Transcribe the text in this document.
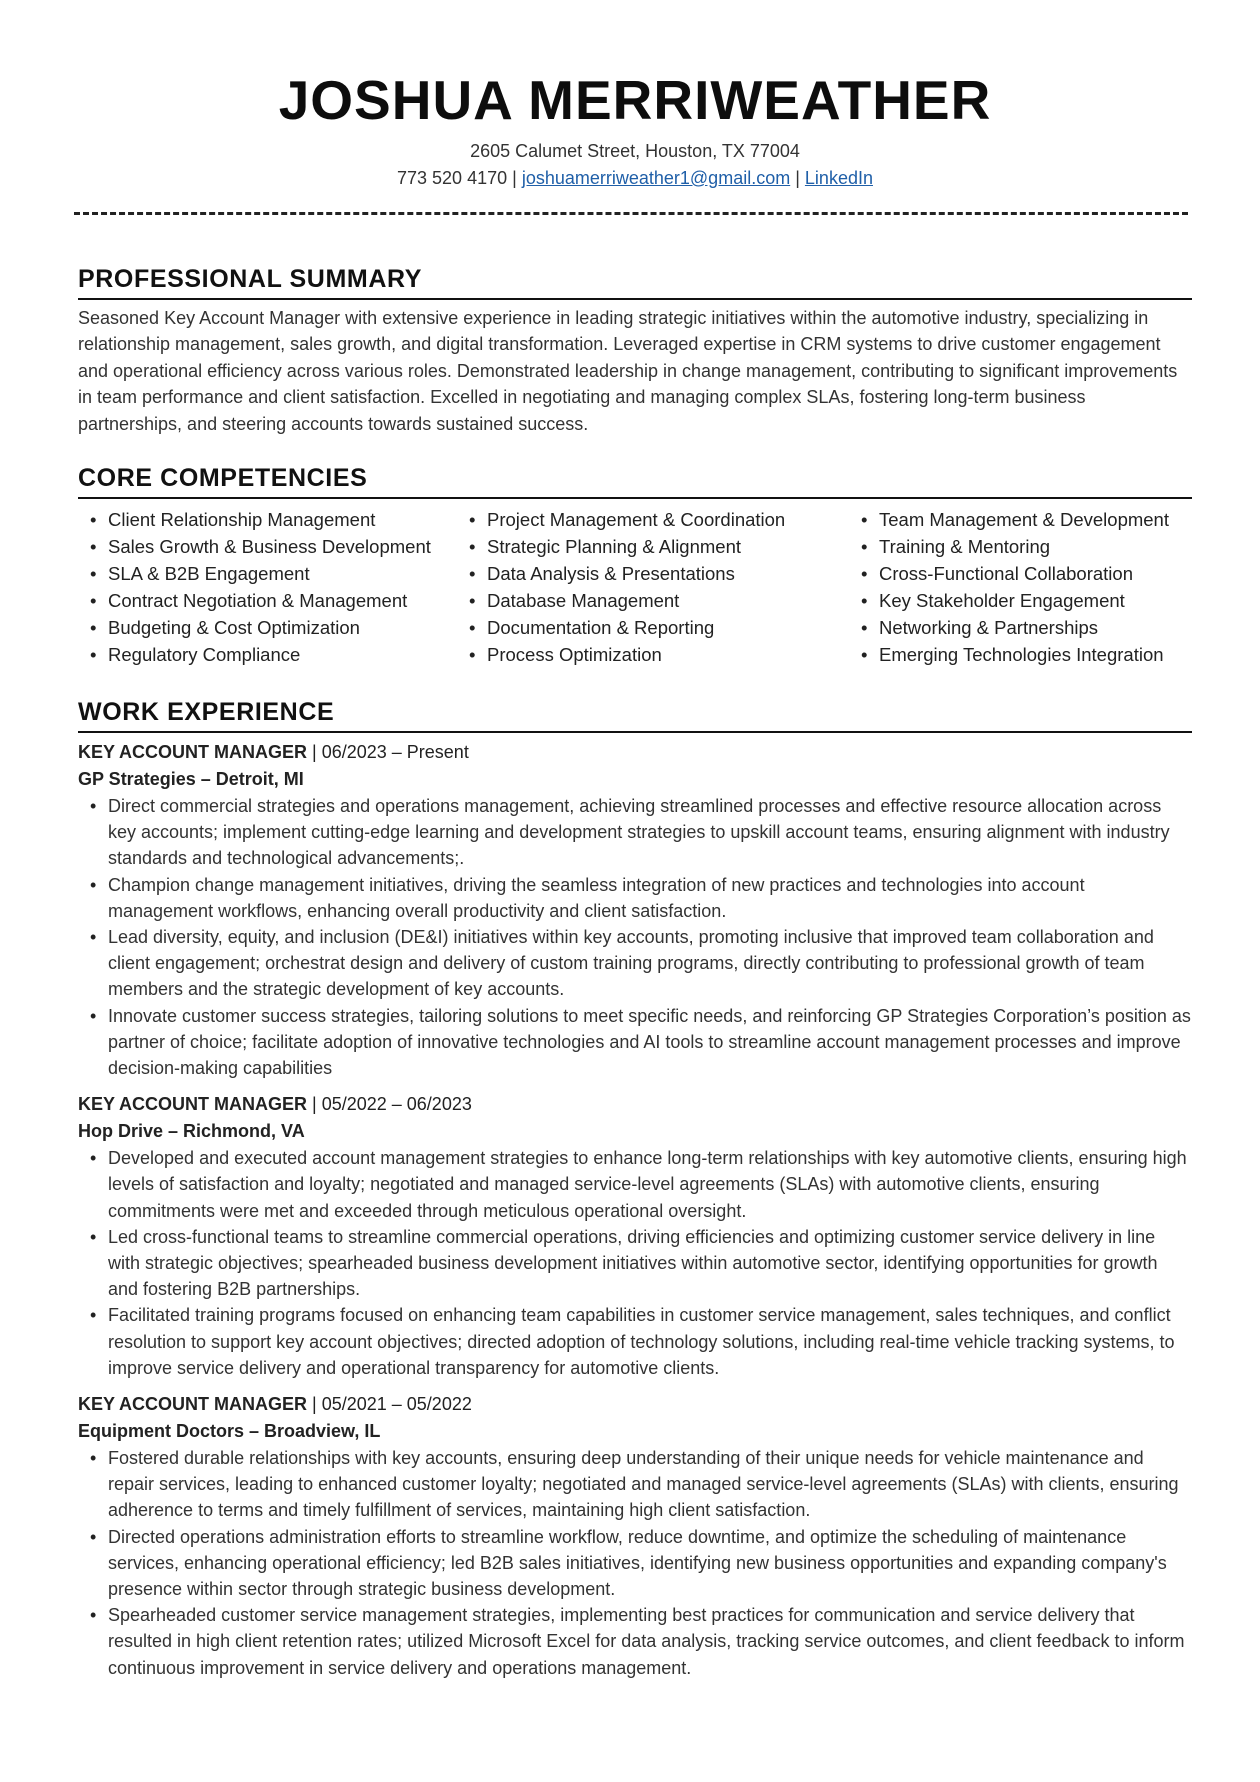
JOSHUA MERRIWEATHER
2605 Calumet Street, Houston, TX 77004
773 520 4170 | joshuamerriweather1@gmail.com | LinkedIn
PROFESSIONAL SUMMARY
Seasoned Key Account Manager with extensive experience in leading strategic initiatives within the automotive industry, specializing in relationship management, sales growth, and digital transformation. Leveraged expertise in CRM systems to drive customer engagement and operational efficiency across various roles. Demonstrated leadership in change management, contributing to significant improvements in team performance and client satisfaction. Excelled in negotiating and managing complex SLAs, fostering long-term business partnerships, and steering accounts towards sustained success.
CORE COMPETENCIES
• Client Relationship Management
• Sales Growth & Business Development
• SLA & B2B Engagement
• Contract Negotiation & Management
• Budgeting & Cost Optimization
• Regulatory Compliance
• Project Management & Coordination
• Strategic Planning & Alignment
• Data Analysis & Presentations
• Database Management
• Documentation & Reporting
• Process Optimization
• Team Management & Development
• Training & Mentoring
• Cross-Functional Collaboration
• Key Stakeholder Engagement
• Networking & Partnerships
• Emerging Technologies Integration
WORK EXPERIENCE
KEY ACCOUNT MANAGER | 06/2023 – Present
GP Strategies – Detroit, MI
• Direct commercial strategies and operations management, achieving streamlined processes and effective resource allocation across key accounts; implement cutting-edge learning and development strategies to upskill account teams, ensuring alignment with industry standards and technological advancements;.
• Champion change management initiatives, driving the seamless integration of new practices and technologies into account management workflows, enhancing overall productivity and client satisfaction.
• Lead diversity, equity, and inclusion (DE&I) initiatives within key accounts, promoting inclusive that improved team collaboration and client engagement; orchestrat design and delivery of custom training programs, directly contributing to professional growth of team members and the strategic development of key accounts.
• Innovate customer success strategies, tailoring solutions to meet specific needs, and reinforcing GP Strategies Corporation’s position as partner of choice; facilitate adoption of innovative technologies and AI tools to streamline account management processes and improve decision-making capabilities
KEY ACCOUNT MANAGER | 05/2022 – 06/2023
Hop Drive – Richmond, VA
• Developed and executed account management strategies to enhance long-term relationships with key automotive clients, ensuring high levels of satisfaction and loyalty; negotiated and managed service-level agreements (SLAs) with automotive clients, ensuring commitments were met and exceeded through meticulous operational oversight.
• Led cross-functional teams to streamline commercial operations, driving efficiencies and optimizing customer service delivery in line with strategic objectives; spearheaded business development initiatives within automotive sector, identifying opportunities for growth and fostering B2B partnerships.
• Facilitated training programs focused on enhancing team capabilities in customer service management, sales techniques, and conflict resolution to support key account objectives; directed adoption of technology solutions, including real-time vehicle tracking systems, to improve service delivery and operational transparency for automotive clients.
KEY ACCOUNT MANAGER | 05/2021 – 05/2022
Equipment Doctors – Broadview, IL
• Fostered durable relationships with key accounts, ensuring deep understanding of their unique needs for vehicle maintenance and repair services, leading to enhanced customer loyalty; negotiated and managed service-level agreements (SLAs) with clients, ensuring adherence to terms and timely fulfillment of services, maintaining high client satisfaction.
• Directed operations administration efforts to streamline workflow, reduce downtime, and optimize the scheduling of maintenance services, enhancing operational efficiency; led B2B sales initiatives, identifying new business opportunities and expanding company's presence within sector through strategic business development.
• Spearheaded customer service management strategies, implementing best practices for communication and service delivery that resulted in high client retention rates; utilized Microsoft Excel for data analysis, tracking service outcomes, and client feedback to inform continuous improvement in service delivery and operations management.
